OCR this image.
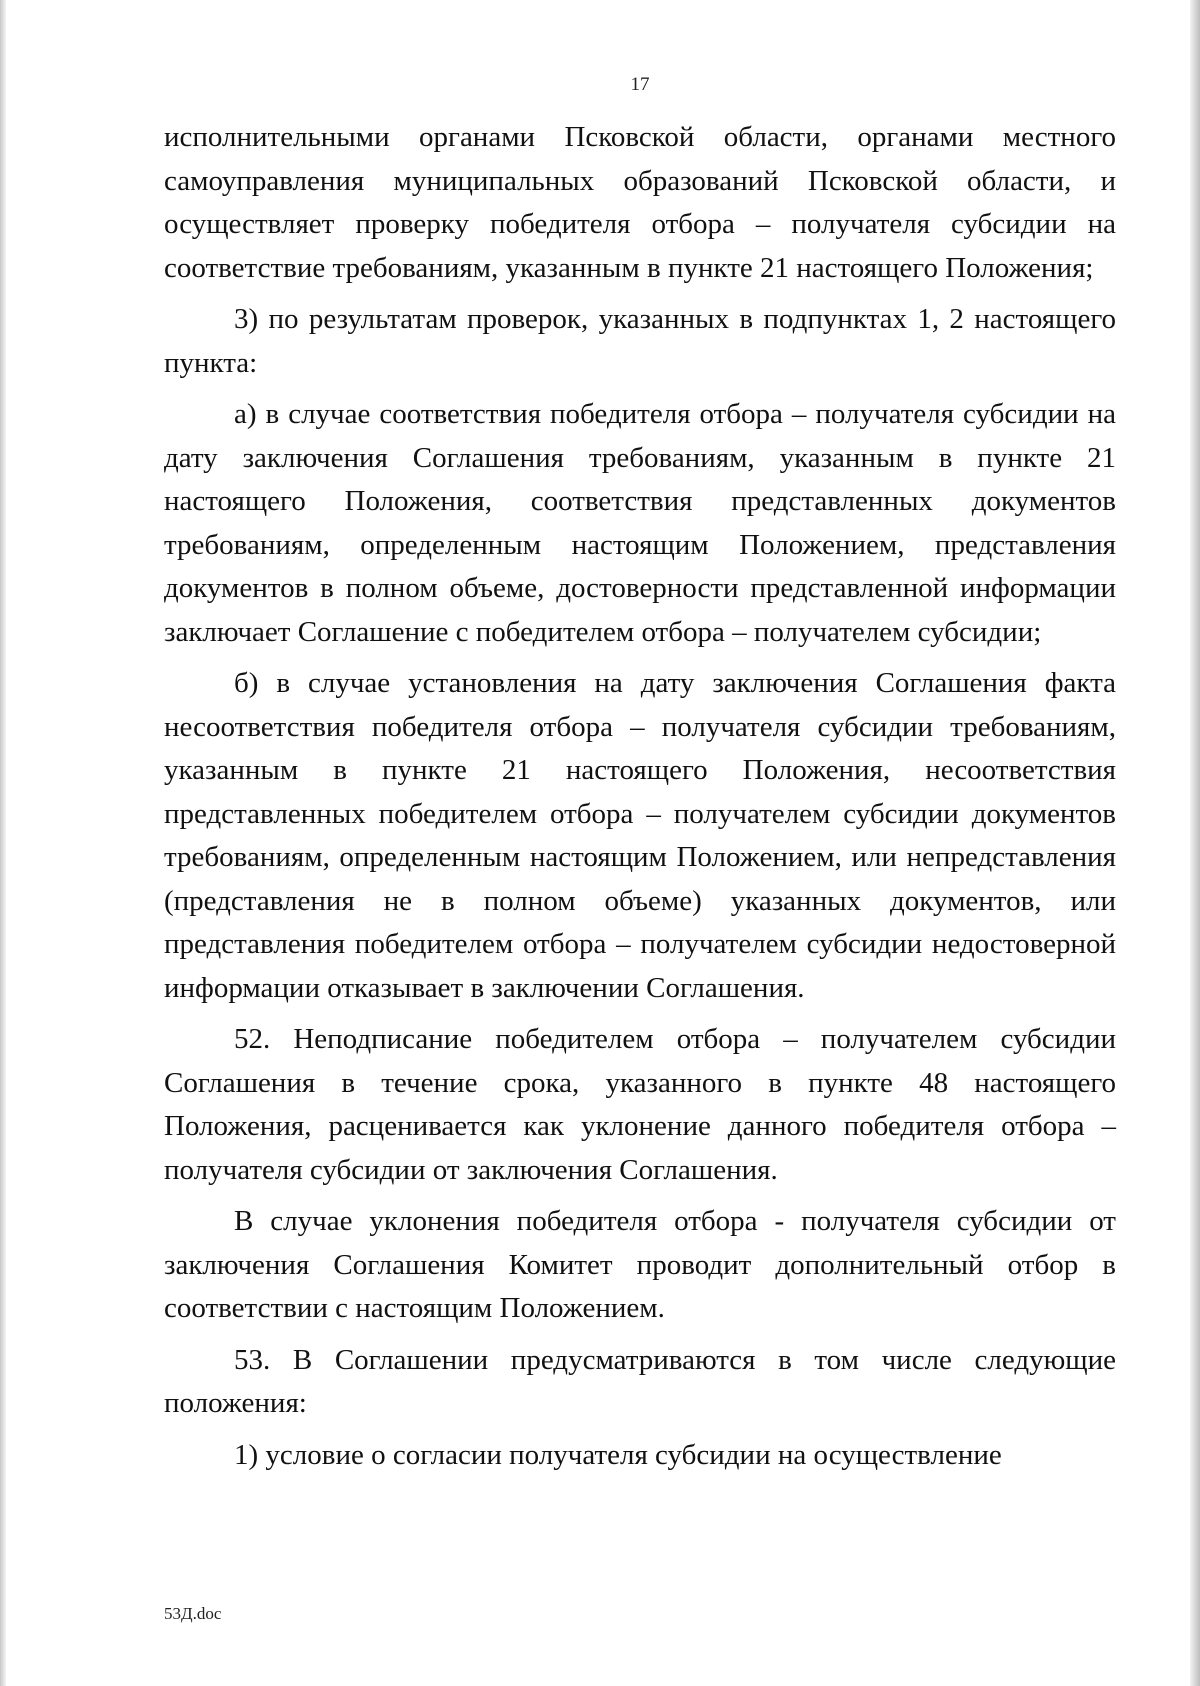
17

исполнительными органами Псковской области, органами местного самоуправления муниципальных образований Псковской области, и осуществляет проверку победителя отбора – получателя субсидии на соответствие требованиям, указанным в пункте 21 настоящего Положения;

3) по результатам проверок, указанных в подпунктах 1, 2 настоящего пункта:

а) в случае соответствия победителя отбора – получателя субсидии на дату заключения Соглашения требованиям, указанным в пункте 21 настоящего Положения, соответствия представленных документов требованиям, определенным настоящим Положением, представления документов в полном объеме, достоверности представленной информации заключает Соглашение с победителем отбора – получателем субсидии;

б) в случае установления на дату заключения Соглашения факта несоответствия победителя отбора – получателя субсидии требованиям, указанным в пункте 21 настоящего Положения, несоответствия представленных победителем отбора – получателем субсидии документов требованиям, определенным настоящим Положением, или непредставления (представления не в полном объеме) указанных документов, или представления победителем отбора – получателем субсидии недостоверной информации отказывает в заключении Соглашения.

52. Неподписание победителем отбора – получателем субсидии Соглашения в течение срока, указанного в пункте 48 настоящего Положения, расценивается как уклонение данного победителя отбора – получателя субсидии от заключения Соглашения.

В случае уклонения победителя отбора - получателя субсидии от заключения Соглашения Комитет проводит дополнительный отбор в соответствии с настоящим Положением.

53. В Соглашении предусматриваются в том числе следующие положения:

1) условие о согласии получателя субсидии на осуществление

53Д.doc
